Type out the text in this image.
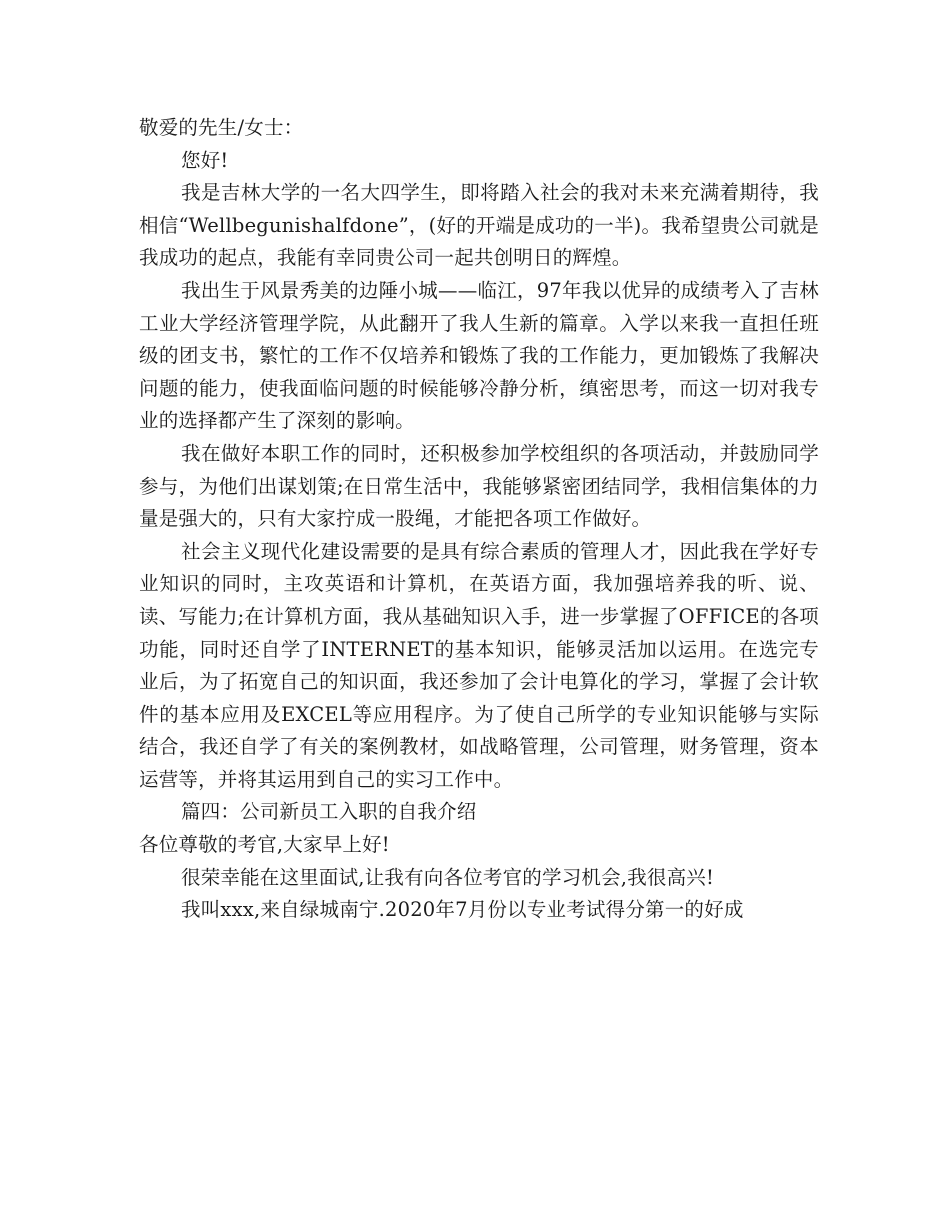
敬爱的先生/女士：

您好!

我是吉林大学的一名大四学生，即将踏入社会的我对未来充满着期待，我相信“Wellbegunishalfdone”，(好的开端是成功的一半)。我希望贵公司就是我成功的起点，我能有幸同贵公司一起共创明日的辉煌。

我出生于风景秀美的边陲小城——临江，97年我以优异的成绩考入了吉林工业大学经济管理学院，从此翻开了我人生新的篇章。入学以来我一直担任班级的团支书，繁忙的工作不仅培养和锻炼了我的工作能力，更加锻炼了我解决问题的能力，使我面临问题的时候能够冷静分析，缜密思考，而这一切对我专业的选择都产生了深刻的影响。

我在做好本职工作的同时，还积极参加学校组织的各项活动，并鼓励同学参与，为他们出谋划策;在日常生活中，我能够紧密团结同学，我相信集体的力量是强大的，只有大家拧成一股绳，才能把各项工作做好。

社会主义现代化建设需要的是具有综合素质的管理人才，因此我在学好专业知识的同时，主攻英语和计算机，在英语方面，我加强培养我的听、说、读、写能力;在计算机方面，我从基础知识入手，进一步掌握了OFFICE的各项功能，同时还自学了INTERNET的基本知识，能够灵活加以运用。在选完专业后，为了拓宽自己的知识面，我还参加了会计电算化的学习，掌握了会计软件的基本应用及EXCEL等应用程序。为了使自己所学的专业知识能够与实际结合，我还自学了有关的案例教材，如战略管理，公司管理，财务管理，资本运营等，并将其运用到自己的实习工作中。

篇四：公司新员工入职的自我介绍

各位尊敬的考官,大家早上好!

很荣幸能在这里面试,让我有向各位考官的学习机会,我很高兴!

我叫xxx,来自绿城南宁.2020年7月份以专业考试得分第一的好成
